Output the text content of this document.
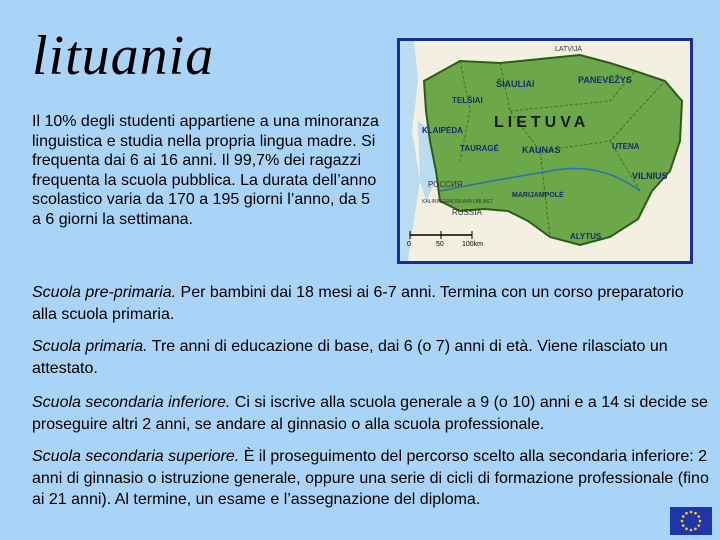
lituania
Il 10% degli studenti appartiene a una minoranza linguistica e studia nella propria lingua madre. Si frequenta dai 6 ai 16 anni. Il 99,7% dei ragazzi frequenta la scuola pubblica. La durata dell’anno scolastico varia da 170 a 195 giorni l’anno, da 5 a 6 giorni la settimana.
LATVIJA
ŠIAULIAI	PANEVĖŽYS
TELŠIAI
LIETUVA
KLAIPĖDA
TAURAGĖ	KAUNAS	UTENA
VILNIUS
MARIJAMPOLĖ
ALYTUS
РОССИЯ
KALININGRADSKAYA OBLAST
RUSSIA
0	50	100km
Scuola pre-primaria. Per bambini dai 18 mesi ai 6-7 anni. Termina con un corso preparatorio alla scuola primaria.
Scuola primaria. Tre anni di educazione di base, dai 6 (o 7) anni di età. Viene rilasciato un attestato.
Scuola secondaria inferiore. Ci si iscrive alla scuola generale a 9 (o 10) anni e a 14 si decide se proseguire altri 2 anni, se andare al ginnasio o alla scuola professionale.
Scuola secondaria superiore. È il proseguimento del percorso scelto alla secondaria inferiore: 2 anni di ginnasio o istruzione generale, oppure una serie di cicli di formazione professionale (fino ai 21 anni). Al termine, un esame e l’assegnazione del diploma.
